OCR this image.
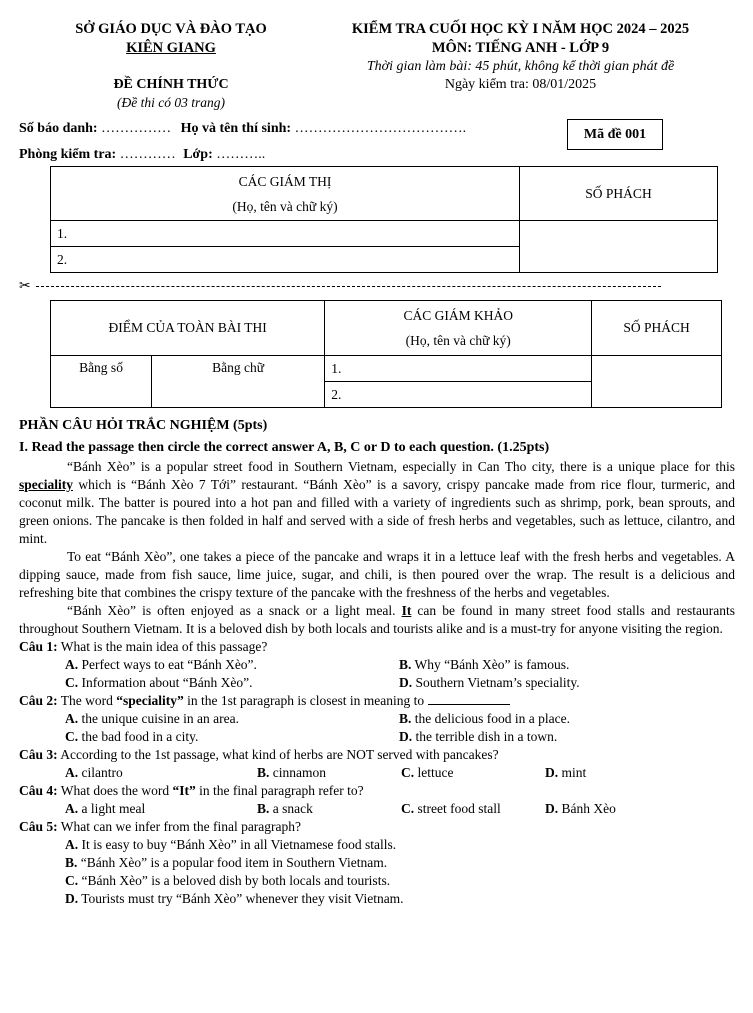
SỞ GIÁO DỤC VÀ ĐÀO TẠO
KIÊN GIANG
ĐỀ CHÍNH THỨC
(Đề thi có 03 trang)
KIỂM TRA CUỐI HỌC KỲ I NĂM HỌC 2024 – 2025
MÔN: TIẾNG ANH - LỚP 9
Thời gian làm bài: 45 phút, không kể thời gian phát đề
Ngày kiểm tra: 08/01/2025
Số báo danh: …………… Họ và tên thí sinh: ……………………………….	Mã đề 001
Phòng kiểm tra: ………… Lớp: ………..
CÁC GIÁM THỊ
(Họ, tên và chữ ký)	SỐ PHÁCH
1.	
2.	
✂
ĐIỂM CỦA TOÀN BÀI THI		CÁC GIÁM KHẢO
(Họ, tên và chữ ký)	SỐ PHÁCH
Bằng số	Bằng chữ	1.	
		2.	
PHẦN CÂU HỎI TRẮC NGHIỆM (5pts)
I. Read the passage then circle the correct answer A, B, C or D to each question. (1.25pts)

“Bánh Xèo” is a popular street food in Southern Vietnam, especially in Can Tho city, there is a unique place for this speciality which is “Bánh Xèo 7 Tới” restaurant. “Bánh Xèo” is a savory, crispy pancake made from rice flour, turmeric, and coconut milk. The batter is poured into a hot pan and filled with a variety of ingredients such as shrimp, pork, bean sprouts, and green onions. The pancake is then folded in half and served with a side of fresh herbs and vegetables, such as lettuce, cilantro, and mint.

To eat “Bánh Xèo”, one takes a piece of the pancake and wraps it in a lettuce leaf with the fresh herbs and vegetables. A dipping sauce, made from fish sauce, lime juice, sugar, and chili, is then poured over the wrap. The result is a delicious and refreshing bite that combines the crispy texture of the pancake with the freshness of the herbs and vegetables.

“Bánh Xèo” is often enjoyed as a snack or a light meal. It can be found in many street food stalls and restaurants throughout Southern Vietnam. It is a beloved dish by both locals and tourists alike and is a must-try for anyone visiting the region.

Câu 1: What is the main idea of this passage?

A. Perfect ways to eat “Bánh Xèo”.	B. Why “Bánh Xèo” is famous.
C. Information about “Bánh Xèo”.	D. Southern Vietnam’s speciality.

Câu 2: The word “speciality” in the 1st paragraph is closest in meaning to

A. the unique cuisine in an area.	B. the delicious food in a place.
C. the bad food in a city.	D. the terrible dish in a town.

Câu 3: According to the 1st passage, what kind of herbs are NOT served with pancakes?

A. cilantro	B. cinnamon	C. lettuce	D. mint

Câu 4: What does the word “It” in the final paragraph refer to?

A. a light meal	B. a snack	C. street food stall	D. Bánh Xèo

Câu 5: What can we infer from the final paragraph?

A. It is easy to buy “Bánh Xèo” in all Vietnamese food stalls.
B. “Bánh Xèo” is a popular food item in Southern Vietnam.
C. “Bánh Xèo” is a beloved dish by both locals and tourists.
D. Tourists must try “Bánh Xèo” whenever they visit Vietnam.
